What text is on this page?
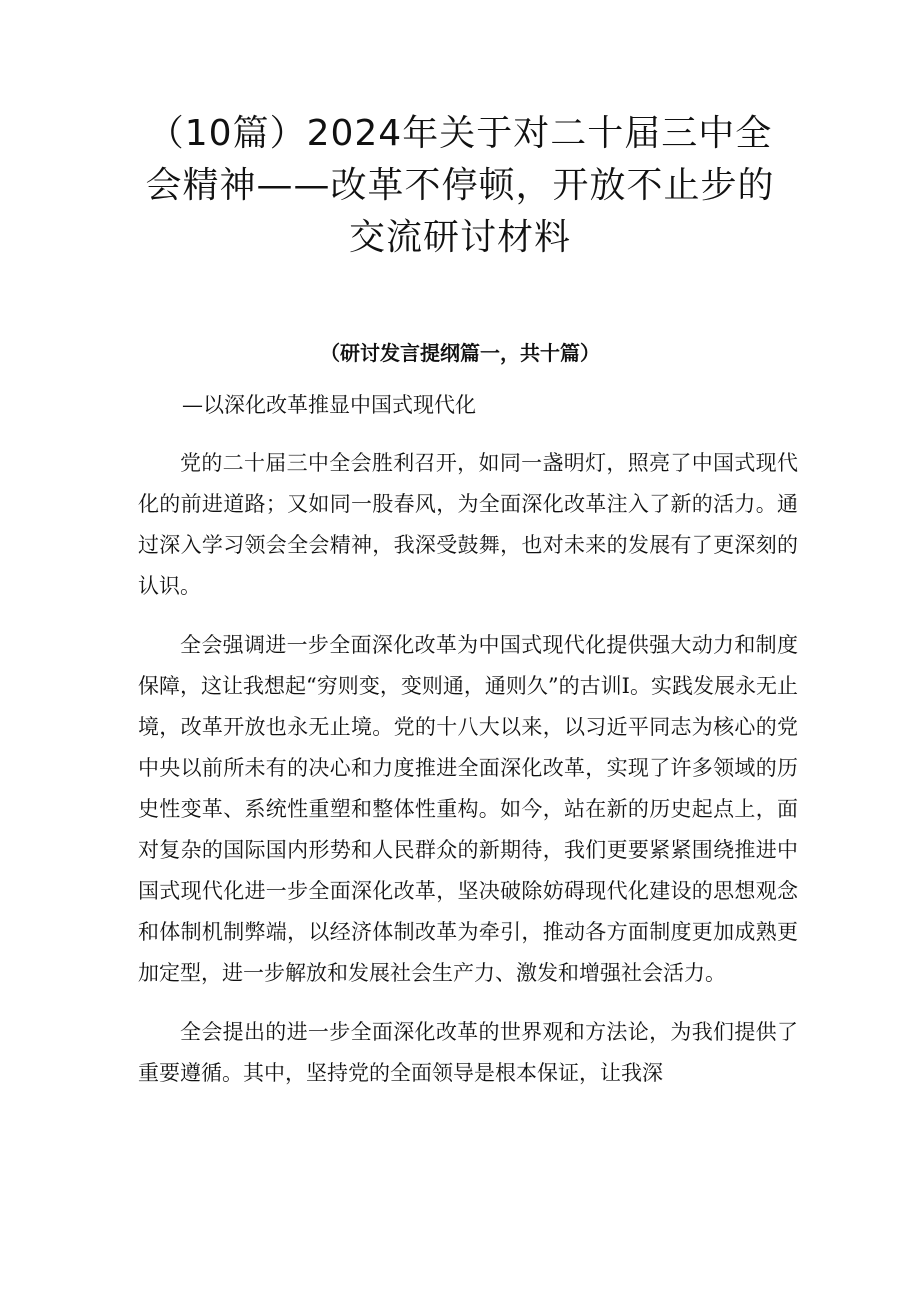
（10篇）2024年关于对二十届三中全会精神——改革不停顿，开放不止步的交流研讨材料
（研讨发言提纲篇一，共十篇）
—以深化改革推显中国式现代化

党的二十届三中全会胜利召开，如同一盏明灯，照亮了中国式现代化的前进道路；又如同一股春风，为全面深化改革注入了新的活力。通过深入学习领会全会精神，我深受鼓舞，也对未来的发展有了更深刻的认识。

全会强调进一步全面深化改革为中国式现代化提供强大动力和制度保障，这让我想起“穷则变，变则通，通则久”的古训I。实践发展永无止境，改革开放也永无止境。党的十八大以来，以习近平同志为核心的党中央以前所未有的决心和力度推进全面深化改革，实现了许多领域的历史性变革、系统性重塑和整体性重构。如今，站在新的历史起点上，面对复杂的国际国内形势和人民群众的新期待，我们更要紧紧围绕推进中国式现代化进一步全面深化改革，坚决破除妨碍现代化建设的思想观念和体制机制弊端，以经济体制改革为牵引，推动各方面制度更加成熟更加定型，进一步解放和发展社会生产力、激发和增强社会活力。

全会提出的进一步全面深化改革的世界观和方法论，为我们提供了重要遵循。其中，坚持党的全面领导是根本保证，让我深
